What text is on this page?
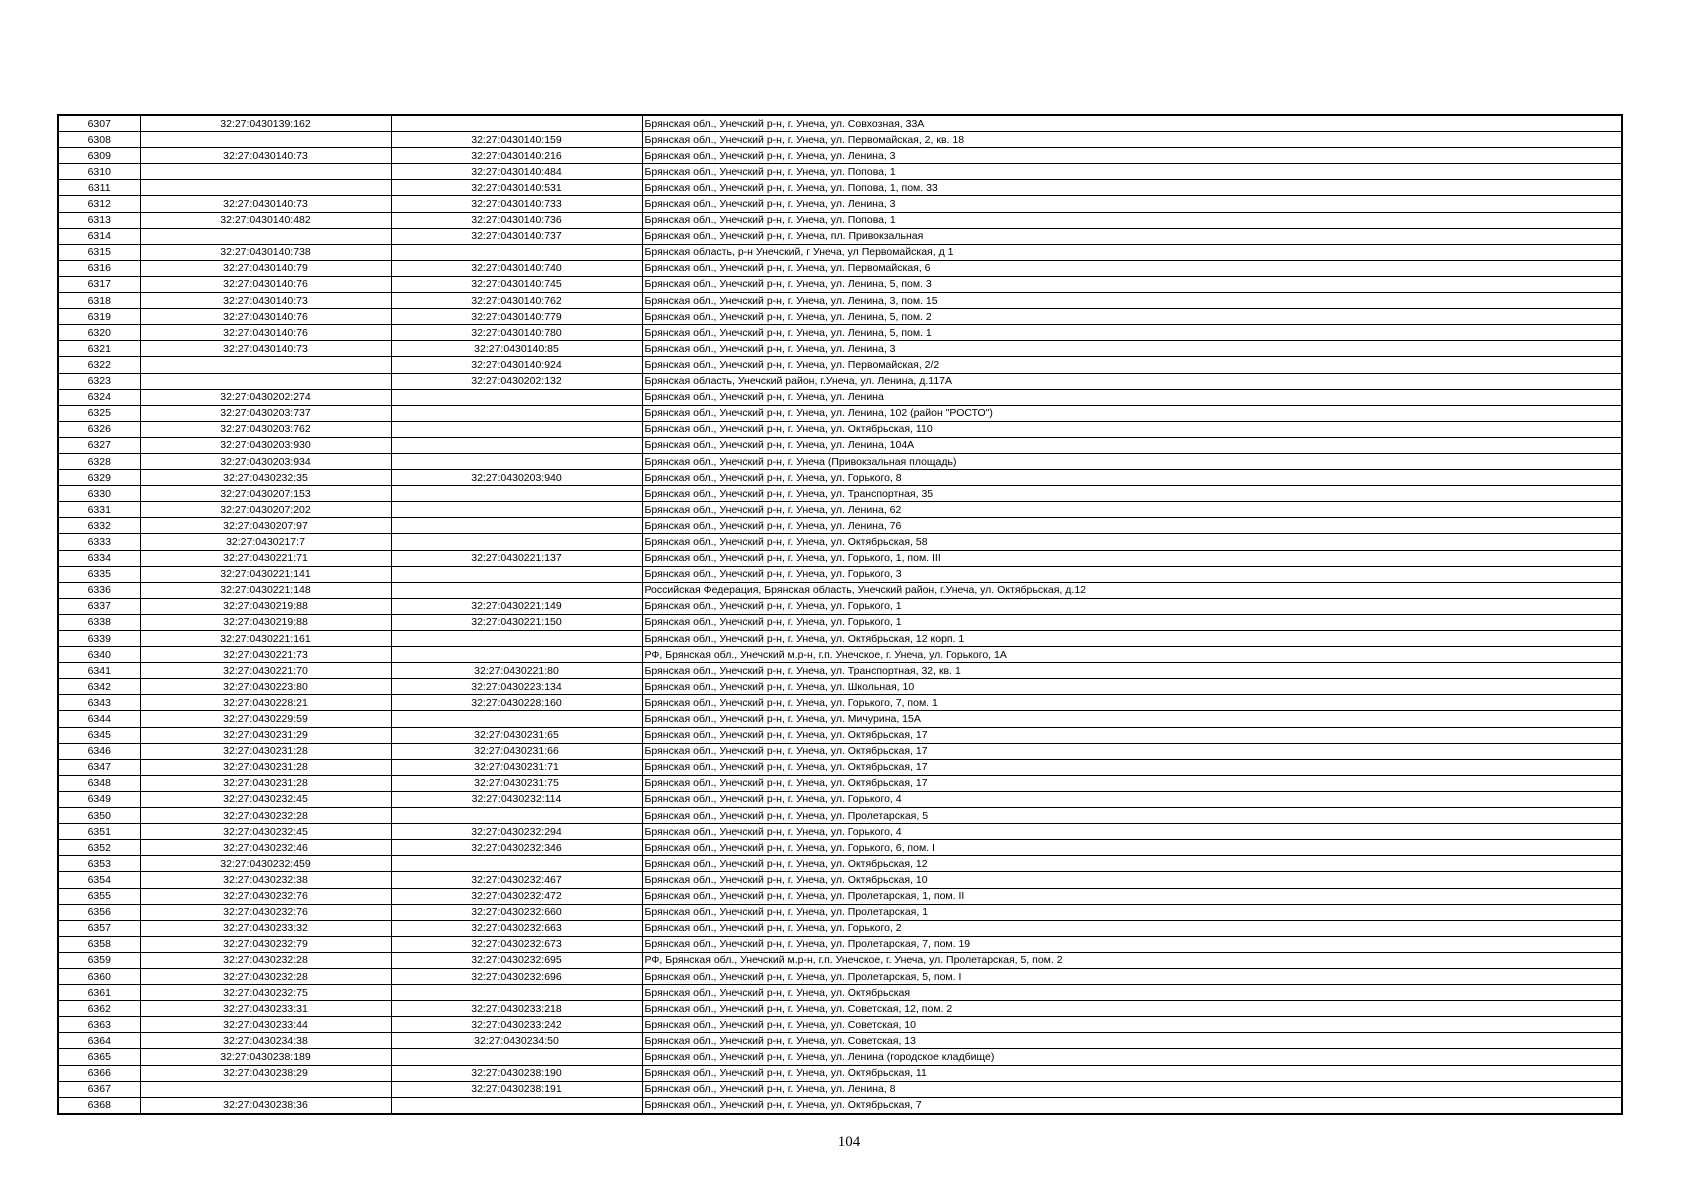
6307	32:27:0430139:162		Брянская обл., Унечский р-н, г. Унеча, ул. Совхозная, 33А
6308		32:27:0430140:159	Брянская обл., Унечский р-н, г. Унеча, ул. Первомайская, 2, кв. 18
6309	32:27:0430140:73	32:27:0430140:216	Брянская обл., Унечский р-н, г. Унеча, ул. Ленина, 3
6310		32:27:0430140:484	Брянская обл., Унечский р-н, г. Унеча, ул. Попова, 1
6311		32:27:0430140:531	Брянская обл., Унечский р-н, г. Унеча, ул. Попова, 1, пом. 33
6312	32:27:0430140:73	32:27:0430140:733	Брянская обл., Унечский р-н, г. Унеча, ул. Ленина, 3
6313	32:27:0430140:482	32:27:0430140:736	Брянская обл., Унечский р-н, г. Унеча, ул. Попова, 1
6314		32:27:0430140:737	Брянская обл., Унечский р-н, г. Унеча, пл. Привокзальная
6315	32:27:0430140:738		Брянская область, р-н Унечский, г Унеча, ул Первомайская, д 1
6316	32:27:0430140:79	32:27:0430140:740	Брянская обл., Унечский р-н, г. Унеча, ул. Первомайская, 6
6317	32:27:0430140:76	32:27:0430140:745	Брянская обл., Унечский р-н, г. Унеча, ул. Ленина, 5, пом. 3
6318	32:27:0430140:73	32:27:0430140:762	Брянская обл., Унечский р-н, г. Унеча, ул. Ленина, 3, пом. 15
6319	32:27:0430140:76	32:27:0430140:779	Брянская обл., Унечский р-н, г. Унеча, ул. Ленина, 5, пом. 2
6320	32:27:0430140:76	32:27:0430140:780	Брянская обл., Унечский р-н, г. Унеча, ул. Ленина, 5, пом. 1
6321	32:27:0430140:73	32:27:0430140:85	Брянская обл., Унечский р-н, г. Унеча, ул. Ленина, 3
6322		32:27:0430140:924	Брянская обл., Унечский р-н, г. Унеча, ул. Первомайская, 2/2
6323		32:27:0430202:132	Брянская область, Унечский район, г.Унеча, ул. Ленина, д.117А
6324	32:27:0430202:274		Брянская обл., Унечский р-н, г. Унеча, ул. Ленина
6325	32:27:0430203:737		Брянская обл., Унечский р-н, г. Унеча, ул. Ленина, 102 (район "РОСТО")
6326	32:27:0430203:762		Брянская обл., Унечский р-н, г. Унеча, ул. Октябрьская, 110
6327	32:27:0430203:930		Брянская обл., Унечский р-н, г. Унеча, ул. Ленина, 104А
6328	32:27:0430203:934		Брянская обл., Унечский р-н, г. Унеча (Привокзальная площадь)
6329	32:27:0430232:35	32:27:0430203:940	Брянская обл., Унечский р-н, г. Унеча, ул. Горького, 8
6330	32:27:0430207:153		Брянская обл., Унечский р-н, г. Унеча, ул. Транспортная, 35
6331	32:27:0430207:202		Брянская обл., Унечский р-н, г. Унеча, ул. Ленина, 62
6332	32:27:0430207:97		Брянская обл., Унечский р-н, г. Унеча, ул. Ленина, 76
6333	32:27:0430217:7		Брянская обл., Унечский р-н, г. Унеча, ул. Октябрьская, 58
6334	32:27:0430221:71	32:27:0430221:137	Брянская обл., Унечский р-н, г. Унеча, ул. Горького, 1, пом. III
6335	32:27:0430221:141		Брянская обл., Унечский р-н, г. Унеча, ул. Горького, 3
6336	32:27:0430221:148		Российская Федерация, Брянская область, Унечский район, г.Унеча, ул. Октябрьская, д.12
6337	32:27:0430219:88	32:27:0430221:149	Брянская обл., Унечский р-н, г. Унеча, ул. Горького, 1
6338	32:27:0430219:88	32:27:0430221:150	Брянская обл., Унечский р-н, г. Унеча, ул. Горького, 1
6339	32:27:0430221:161		Брянская обл., Унечский р-н, г. Унеча, ул. Октябрьская, 12 корп. 1
6340	32:27:0430221:73		РФ, Брянская обл., Унечский м.р-н, г.п. Унечское, г. Унеча, ул. Горького, 1А
6341	32:27:0430221:70	32:27:0430221:80	Брянская обл., Унечский р-н, г. Унеча, ул. Транспортная, 32, кв. 1
6342	32:27:0430223:80	32:27:0430223:134	Брянская обл., Унечский р-н, г. Унеча, ул. Школьная, 10
6343	32:27:0430228:21	32:27:0430228:160	Брянская обл., Унечский р-н, г. Унеча, ул. Горького, 7, пом. 1
6344	32:27:0430229:59		Брянская обл., Унечский р-н, г. Унеча, ул. Мичурина, 15А
6345	32:27:0430231:29	32:27:0430231:65	Брянская обл., Унечский р-н, г. Унеча, ул. Октябрьская, 17
6346	32:27:0430231:28	32:27:0430231:66	Брянская обл., Унечский р-н, г. Унеча, ул. Октябрьская, 17
6347	32:27:0430231:28	32:27:0430231:71	Брянская обл., Унечский р-н, г. Унеча, ул. Октябрьская, 17
6348	32:27:0430231:28	32:27:0430231:75	Брянская обл., Унечский р-н, г. Унеча, ул. Октябрьская, 17
6349	32:27:0430232:45	32:27:0430232:114	Брянская обл., Унечский р-н, г. Унеча, ул. Горького, 4
6350	32:27:0430232:28		Брянская обл., Унечский р-н, г. Унеча, ул. Пролетарская, 5
6351	32:27:0430232:45	32:27:0430232:294	Брянская обл., Унечский р-н, г. Унеча, ул. Горького, 4
6352	32:27:0430232:46	32:27:0430232:346	Брянская обл., Унечский р-н, г. Унеча, ул. Горького, 6, пом. I
6353	32:27:0430232:459		Брянская обл., Унечский р-н, г. Унеча, ул. Октябрьская, 12
6354	32:27:0430232:38	32:27:0430232:467	Брянская обл., Унечский р-н, г. Унеча, ул. Октябрьская, 10
6355	32:27:0430232:76	32:27:0430232:472	Брянская обл., Унечский р-н, г. Унеча, ул. Пролетарская, 1, пом. II
6356	32:27:0430232:76	32:27:0430232:660	Брянская обл., Унечский р-н, г. Унеча, ул. Пролетарская, 1
6357	32:27:0430233:32	32:27:0430232:663	Брянская обл., Унечский р-н, г. Унеча, ул. Горького, 2
6358	32:27:0430232:79	32:27:0430232:673	Брянская обл., Унечский р-н, г. Унеча, ул. Пролетарская, 7, пом. 19
6359	32:27:0430232:28	32:27:0430232:695	РФ, Брянская обл., Унечский м.р-н, г.п. Унечское, г. Унеча, ул. Пролетарская, 5, пом. 2
6360	32:27:0430232:28	32:27:0430232:696	Брянская обл., Унечский р-н, г. Унеча, ул. Пролетарская, 5, пом. I
6361	32:27:0430232:75		Брянская обл., Унечский р-н, г. Унеча, ул. Октябрьская
6362	32:27:0430233:31	32:27:0430233:218	Брянская обл., Унечский р-н, г. Унеча, ул. Советская, 12, пом. 2
6363	32:27:0430233:44	32:27:0430233:242	Брянская обл., Унечский р-н, г. Унеча, ул. Советская, 10
6364	32:27:0430234:38	32:27:0430234:50	Брянская обл., Унечский р-н, г. Унеча, ул. Советская, 13
6365	32:27:0430238:189		Брянская обл., Унечский р-н, г. Унеча, ул. Ленина (городское кладбище)
6366	32:27:0430238:29	32:27:0430238:190	Брянская обл., Унечский р-н, г. Унеча, ул. Октябрьская, 11
6367		32:27:0430238:191	Брянская обл., Унечский р-н, г. Унеча, ул. Ленина, 8
6368	32:27:0430238:36		Брянская обл., Унечский р-н, г. Унеча, ул. Октябрьская, 7
104
